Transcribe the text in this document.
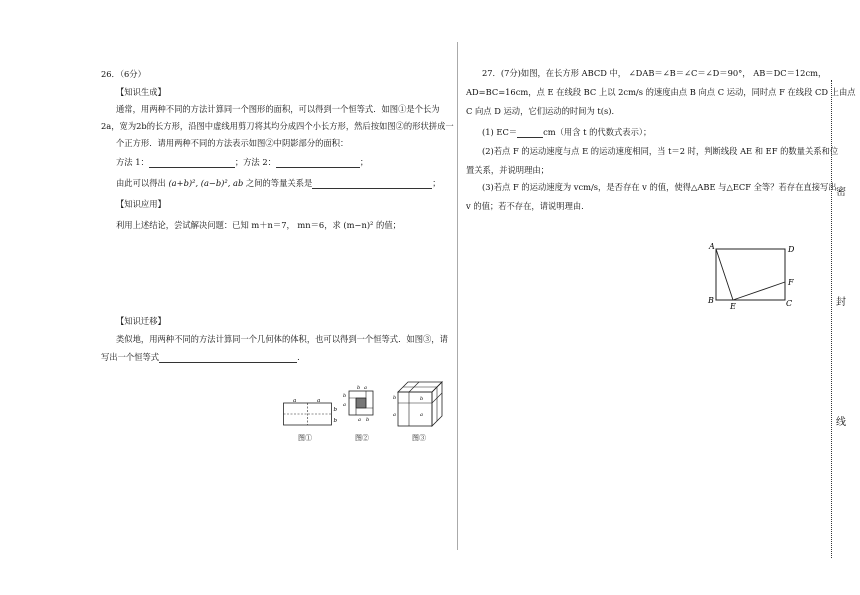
26．（6分）
【知识生成】
通常，用两种不同的方法计算同一个图形的面积，可以得到一个恒等式．如图①是个长为
2a，宽为2b的长方形，沿图中虚线用剪刀将其均分成四个小长方形，然后按如图②的形状拼成一
个正方形．请用两种不同的方法表示如图②中阴影部分的面积：
方法 1：	；方法 2：	；
由此可以得出 (a+b)², (a−b)², ab 之间的等量关系是	；
【知识应用】
利用上述结论，尝试解决问题：已知 m＋n＝7， mn＝6，求 (m−n)² 的值；
【知识迁移】
类似地，用两种不同的方法计算同一个几何体的体积，也可以得到一个恒等式．如图③，请
写出一个恒等式	.
a	a
b
b
图①
b a
b
a
a b
图②
b
a
b
a
图③
27．(7分)如图，在长方形 ABCD 中， ∠DAB＝∠B＝∠C＝∠D＝90°， AB＝DC＝12cm，
AD=BC=16cm，点 E 在线段 BC 上以 2cm/s 的速度由点 B 向点 C 运动，同时点 F 在线段 CD 上由点
C 向点 D 运动，它们运动的时间为 t(s)．
(1) EC＝	cm（用含 t 的代数式表示）；
(2)若点 F 的运动速度与点 E 的运动速度相同，当 t＝2 时，判断线段 AE 和 EF 的数量关系和位
置关系，并说明理由；
(3)若点 F 的运动速度为 vcm/s，是否存在 v 的值，使得△ABE 与△ECF 全等？若存在直接写出
v 的值；若不存在，请说明理由.
A	D
B	C
E
F
密
封
线
